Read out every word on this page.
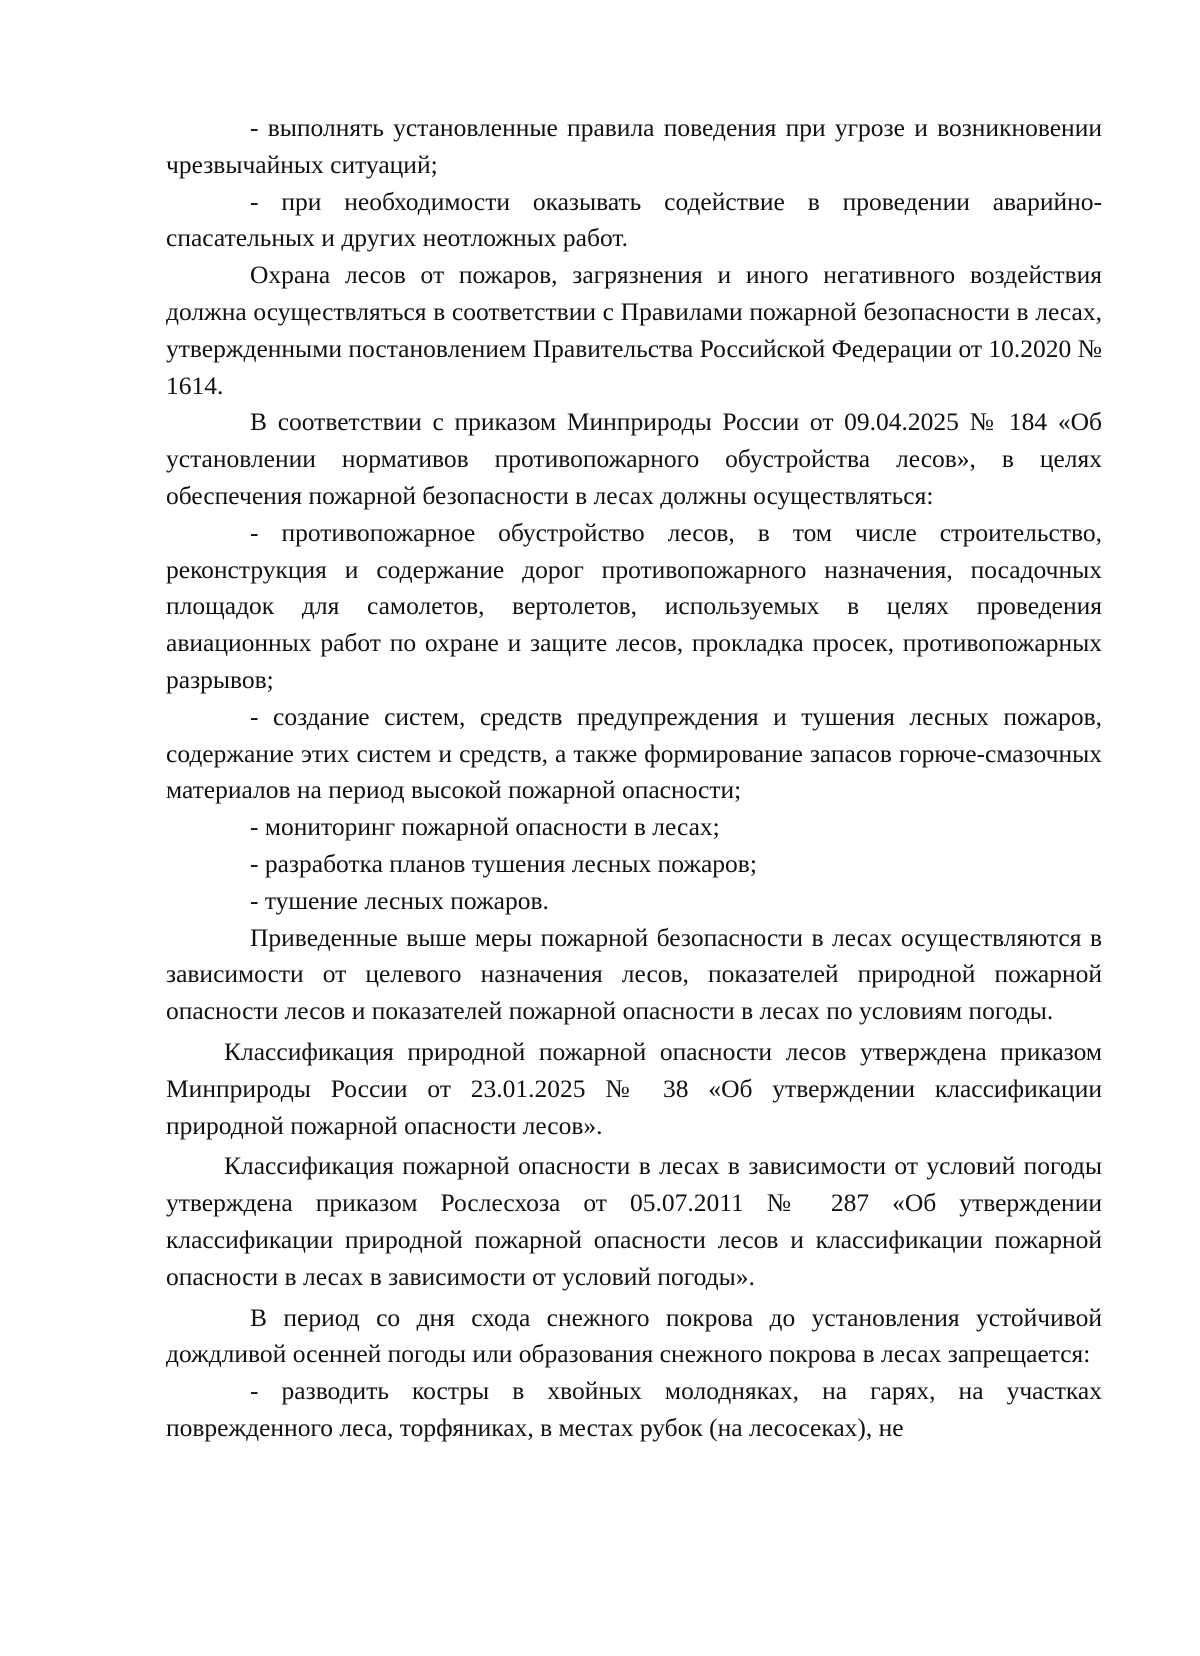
- выполнять установленные правила поведения при угрозе и возникновении чрезвычайных ситуаций;

- при необходимости оказывать содействие в проведении аварийно-спасательных и других неотложных работ.

Охрана лесов от пожаров, загрязнения и иного негативного воздействия должна осуществляться в соответствии с Правилами пожарной безопасности в лесах, утвержденными постановлением Правительства Российской Федерации от 10.2020 № 1614.

В соответствии с приказом Минприроды России от 09.04.2025 № 184 «Об установлении нормативов противопожарного обустройства лесов», в целях обеспечения пожарной безопасности в лесах должны осуществляться:

- противопожарное обустройство лесов, в том числе строительство, реконструкция и содержание дорог противопожарного назначения, посадочных площадок для самолетов, вертолетов, используемых в целях проведения авиационных работ по охране и защите лесов, прокладка просек, противопожарных разрывов;

- создание систем, средств предупреждения и тушения лесных пожаров, содержание этих систем и средств, а также формирование запасов горюче-смазочных материалов на период высокой пожарной опасности;

- мониторинг пожарной опасности в лесах;

- разработка планов тушения лесных пожаров;

- тушение лесных пожаров.

Приведенные выше меры пожарной безопасности в лесах осуществляются в зависимости от целевого назначения лесов, показателей природной пожарной опасности лесов и показателей пожарной опасности в лесах по условиям погоды.

Классификация природной пожарной опасности лесов утверждена приказом Минприроды России от 23.01.2025 № 38 «Об утверждении классификации природной пожарной опасности лесов».

Классификация пожарной опасности в лесах в зависимости от условий погоды утверждена приказом Рослесхоза от 05.07.2011 № 287 «Об утверждении классификации природной пожарной опасности лесов и классификации пожарной опасности в лесах в зависимости от условий погоды».

В период со дня схода снежного покрова до установления устойчивой дождливой осенней погоды или образования снежного покрова в лесах запрещается:

- разводить костры в хвойных молодняках, на гарях, на участках поврежденного леса, торфяниках, в местах рубок (на лесосеках), не
